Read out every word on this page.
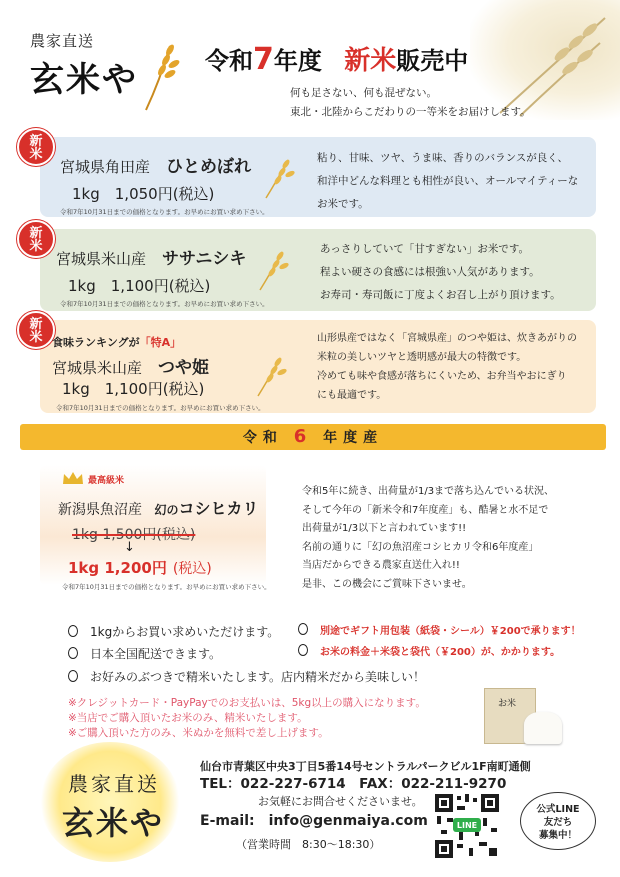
農家直送
玄米や	令和7年度 新米販売中
何も足さない、何も混ぜない。
東北・北陸からこだわりの一等米をお届けします。
新
米
宮城県角田産 ひとめぼれ
1kg　1,050円(税込)
令和7年10月31日までの価格となります。お早めにお買い求め下さい。
粘り、甘味、ツヤ、うま味、香りのバランスが良く、
和洋中どんな料理とも相性が良い、オールマイティーな
お米です。
新
米
宮城県米山産 ササニシキ
1kg　1,100円(税込)
令和7年10月31日までの価格となります。お早めにお買い求め下さい。
あっさりしていて「甘すぎない」お米です。
程よい硬さの食感には根強い人気があります。
お寿司・寿司飯に丁度よくお召し上がり頂けます。
新
米 食味ランキングが「特A」
宮城県米山産 つや姫
1kg　1,100円(税込)
令和7年10月31日までの価格となります。お早めにお買い求め下さい。
山形県産ではなく「宮城県産」のつや姫は、炊きあがりの
米粒の美しいツヤと透明感が最大の特徴です。
冷めても味や食感が落ちにくいため、お弁当やおにぎり
にも最適です。
令和 6 年度産
最高級米
新潟県魚沼産 幻のコシヒカリ
1kg 1,500円(税込)
↓
1kg 1,200円 (税込)
令和7年10月31日までの価格となります。お早めにお買い求め下さい。
令和5年に続き、出荷量が1/3まで落ち込んでいる状況、
そして今年の「新米令和7年度産」も、酷暑と水不足で
出荷量が1/3以下と言われています!!
名前の通りに「幻の魚沼産コシヒカリ令和6年度産」
当店だからできる農家直送仕入れ!!
是非、この機会にご賞味下さいませ。
1kgからお買い求めいただけます。
日本全国配送できます。
お好みのぶつきで精米いたします。店内精米だから美味しい！
別途でギフト用包装（紙袋・シール）￥200で承ります！
お米の料金＋米袋と袋代（￥200）が、かかります。
※クレジットカード・PayPayでのお支払いは、5kg以上の購入になります。
※当店でご購入頂いたお米のみ、精米いたします。
※ご購入頂いた方のみ、米ぬかを無料で差し上げます。
お米
農家直送
玄米や
仙台市青葉区中央3丁目5番14号セントラルパークビル1F南町通側
TEL：022-227-6714　FAX：022-211-9270
お気軽にお問合せくださいませ。
E-mail:　info@genmaiya.com
（営業時間　8:30～18:30）
LINE
公式LINE
友だち
募集中！
